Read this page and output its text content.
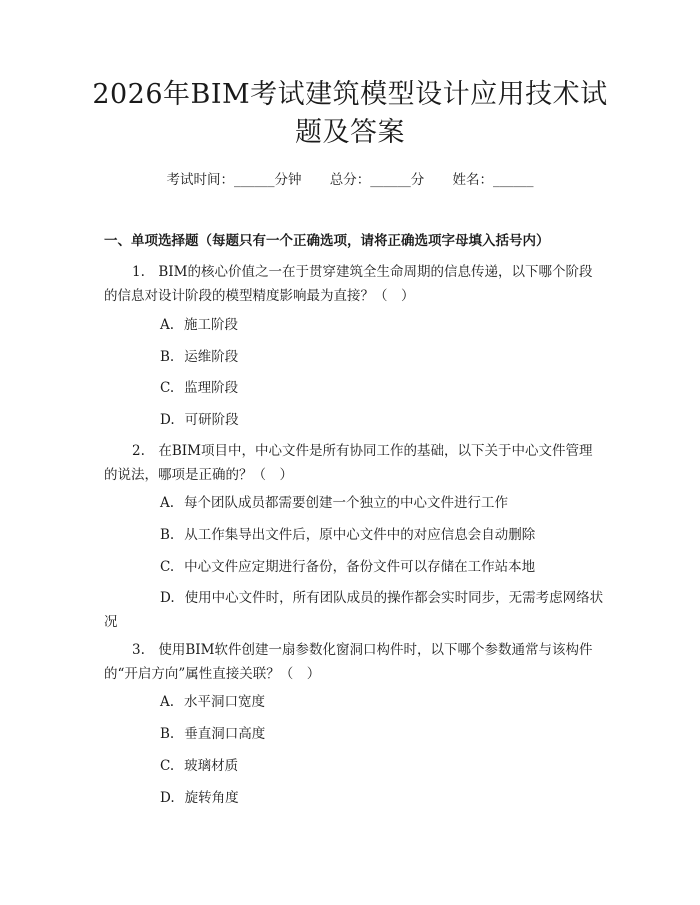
2026年BIM考试建筑模型设计应用技术试题及答案
考试时间：______分钟 总分：______分 姓名：______
一、单项选择题（每题只有一个正确选项，请将正确选项字母填入括号内）
1.　BIM的核心价值之一在于贯穿建筑全生命周期的信息传递，以下哪个阶段的信息对设计阶段的模型精度影响最为直接？（　）
A. 施工阶段
B. 运维阶段
C. 监理阶段
D. 可研阶段
2.　在BIM项目中，中心文件是所有协同工作的基础，以下关于中心文件管理的说法，哪项是正确的？（　）
A. 每个团队成员都需要创建一个独立的中心文件进行工作
B. 从工作集导出文件后，原中心文件中的对应信息会自动删除
C. 中心文件应定期进行备份，备份文件可以存储在工作站本地
D. 使用中心文件时，所有团队成员的操作都会实时同步，无需考虑网络状况
3.　使用BIM软件创建一扇参数化窗洞口构件时，以下哪个参数通常与该构件的“开启方向”属性直接关联？（　）
A. 水平洞口宽度
B. 垂直洞口高度
C. 玻璃材质
D. 旋转角度
